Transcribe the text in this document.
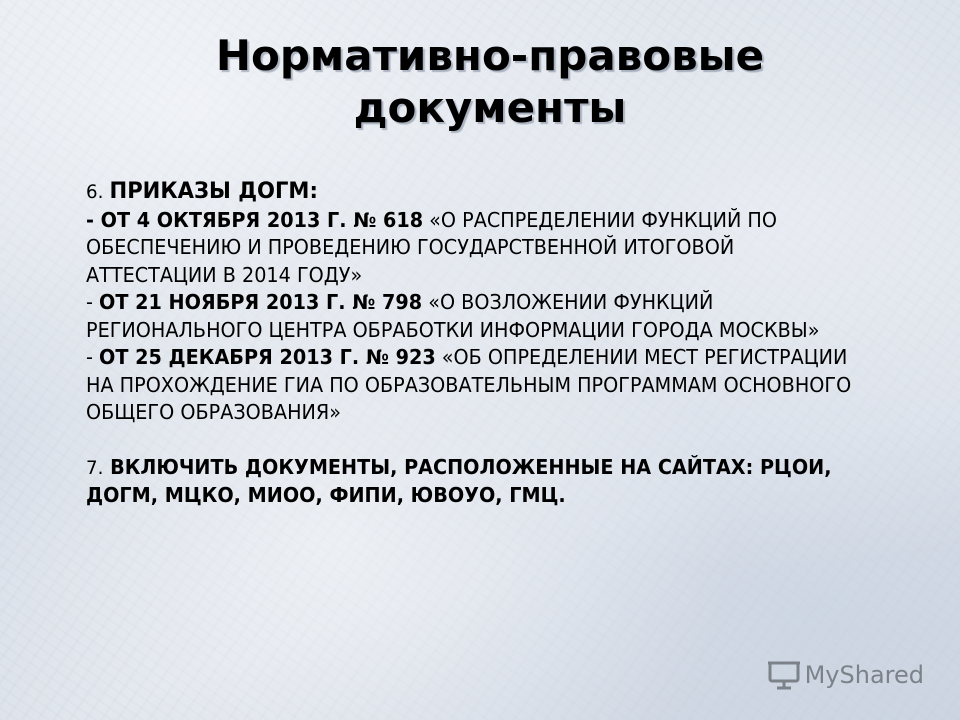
Нормативно-правовые
документы

6. ПРИКАЗЫ ДОГМ:

- ОТ 4 ОКТЯБРЯ 2013 Г. № 618 «О РАСПРЕДЕЛЕНИИ ФУНКЦИЙ ПО ОБЕСПЕЧЕНИЮ И ПРОВЕДЕНИЮ ГОСУДАРСТВЕННОЙ ИТОГОВОЙ АТТЕСТАЦИИ В 2014 ГОДУ»

- ОТ 21 НОЯБРЯ 2013 Г. № 798 «О ВОЗЛОЖЕНИИ ФУНКЦИЙ РЕГИОНАЛЬНОГО ЦЕНТРА ОБРАБОТКИ ИНФОРМАЦИИ ГОРОДА МОСКВЫ»

- ОТ 25 ДЕКАБРЯ 2013 Г. № 923 «ОБ ОПРЕДЕЛЕНИИ МЕСТ РЕГИСТРАЦИИ НА ПРОХОЖДЕНИЕ ГИА ПО ОБРАЗОВАТЕЛЬНЫМ ПРОГРАММАМ ОСНОВНОГО ОБЩЕГО ОБРАЗОВАНИЯ»

7. ВКЛЮЧИТЬ ДОКУМЕНТЫ, РАСПОЛОЖЕННЫЕ НА САЙТАХ: РЦОИ, ДОГМ, МЦКО, МИОО, ФИПИ, ЮВОУО, ГМЦ.

MyShared
